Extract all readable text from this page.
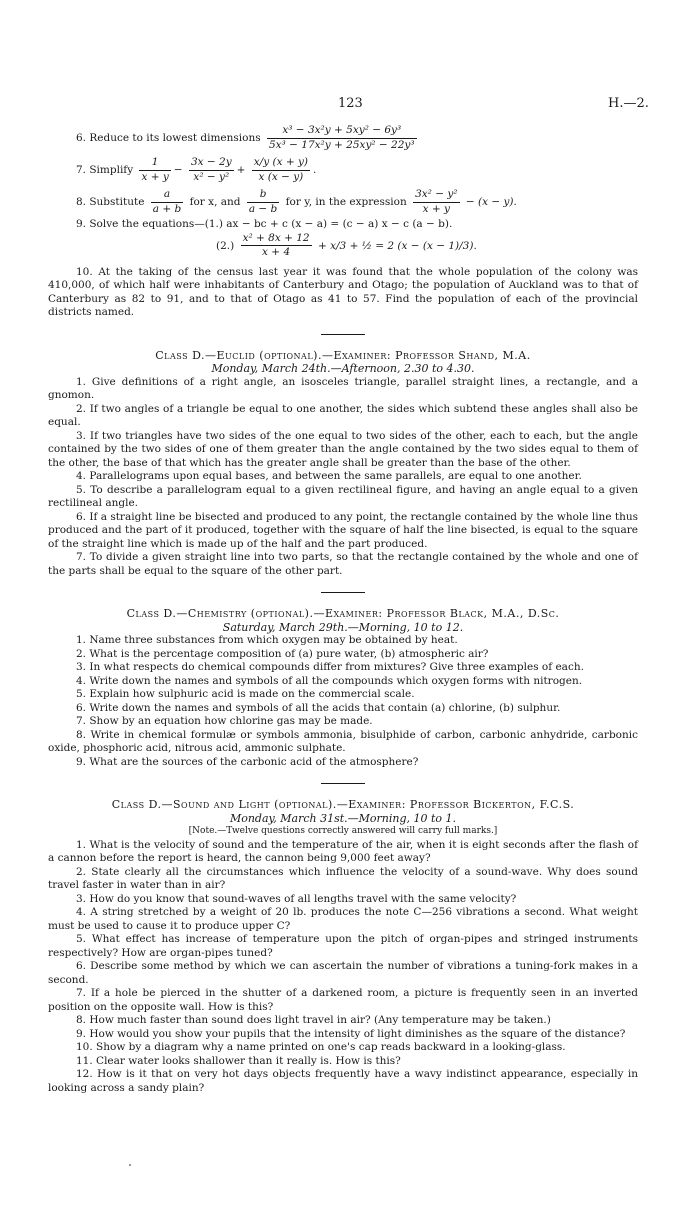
123	H.—2.
6. Reduce to its lowest dimensions $\frac{\text{x³ − 3x²y + 5xy² − 6y³}}{\text{5x³ − 17x²y + 25xy² − 22y³}}$
7. Simplify $\frac{1}{x + y} - \frac{3x - 2y}{\text{x² − y²}} + \frac{x/y (x + y)}{x (x - y)}$ .
8. Substitute $\frac{a}{a + b}$ for x, and $\frac{b}{a - b}$ for y, in the expression $\frac{\text{3x² − y²}}{x + y} - (x - y)$.
9. Solve the equations—(1.) ax − bc + c (x − a) = (c − a) x − c (a − b).
$(2.) \frac{\text{x² + 8x + 12}}{x + 4} + x/3$ + ½ = 2 (x − (x − 1)/3).

10. At the taking of the census last year it was found that the whole population of the colony was 410,000, of which half were inhabitants of Canterbury and Otago; the population of Auckland was to that of Canterbury as 82 to 91, and to that of Otago as 41 to 57. Find the population of each of the provincial districts named.

Class D.—Euclid (optional).—Examiner: Professor Shand, M.A.

Monday, March 24th.—Afternoon, 2.30 to 4.30.

1. Give definitions of a right angle, an isosceles triangle, parallel straight lines, a rectangle, and a gnomon.

2. If two angles of a triangle be equal to one another, the sides which subtend these angles shall also be equal.

3. If two triangles have two sides of the one equal to two sides of the other, each to each, but the angle contained by the two sides of one of them greater than the angle contained by the two sides equal to them of the other, the base of that which has the greater angle shall be greater than the base of the other.

4. Parallelograms upon equal bases, and between the same parallels, are equal to one another.

5. To describe a parallelogram equal to a given rectilineal figure, and having an angle equal to a given rectilineal angle.

6. If a straight line be bisected and produced to any point, the rectangle contained by the whole line thus produced and the part of it produced, together with the square of half the line bisected, is equal to the square of the straight line which is made up of the half and the part produced.

7. To divide a given straight line into two parts, so that the rectangle contained by the whole and one of the parts shall be equal to the square of the other part.

Class D.—Chemistry (optional).—Examiner: Professor Black, M.A., D.Sc.

Saturday, March 29th.—Morning, 10 to 12.

1. Name three substances from which oxygen may be obtained by heat.

2. What is the percentage composition of (a) pure water, (b) atmospheric air?

3. In what respects do chemical compounds differ from mixtures? Give three examples of each.

4. Write down the names and symbols of all the compounds which oxygen forms with nitrogen.

5. Explain how sulphuric acid is made on the commercial scale.

6. Write down the names and symbols of all the acids that contain (a) chlorine, (b) sulphur.

7. Show by an equation how chlorine gas may be made.

8. Write in chemical formulæ or symbols ammonia, bisulphide of carbon, carbonic anhydride, carbonic oxide, phosphoric acid, nitrous acid, ammonic sulphate.

9. What are the sources of the carbonic acid of the atmosphere?

Class D.—Sound and Light (optional).—Examiner: Professor Bickerton, F.C.S.

Monday, March 31st.—Morning, 10 to 1.

[Note.—Twelve questions correctly answered will carry full marks.]

1. What is the velocity of sound and the temperature of the air, when it is eight seconds after the flash of a cannon before the report is heard, the cannon being 9,000 feet away?

2. State clearly all the circumstances which influence the velocity of a sound-wave. Why does sound travel faster in water than in air?

3. How do you know that sound-waves of all lengths travel with the same velocity?

4. A string stretched by a weight of 20 lb. produces the note C—256 vibrations a second. What weight must be used to cause it to produce upper C?

5. What effect has increase of temperature upon the pitch of organ-pipes and stringed instruments respectively? How are organ-pipes tuned?

6. Describe some method by which we can ascertain the number of vibrations a tuning-fork makes in a second.

7. If a hole be pierced in the shutter of a darkened room, a picture is frequently seen in an inverted position on the opposite wall. How is this?

8. How much faster than sound does light travel in air? (Any temperature may be taken.)

9. How would you show your pupils that the intensity of light diminishes as the square of the distance?

10. Show by a diagram why a name printed on one's cap reads backward in a looking-glass.

11. Clear water looks shallower than it really is. How is this?

12. How is it that on very hot days objects frequently have a wavy indistinct appearance, especially in looking across a sandy plain?
